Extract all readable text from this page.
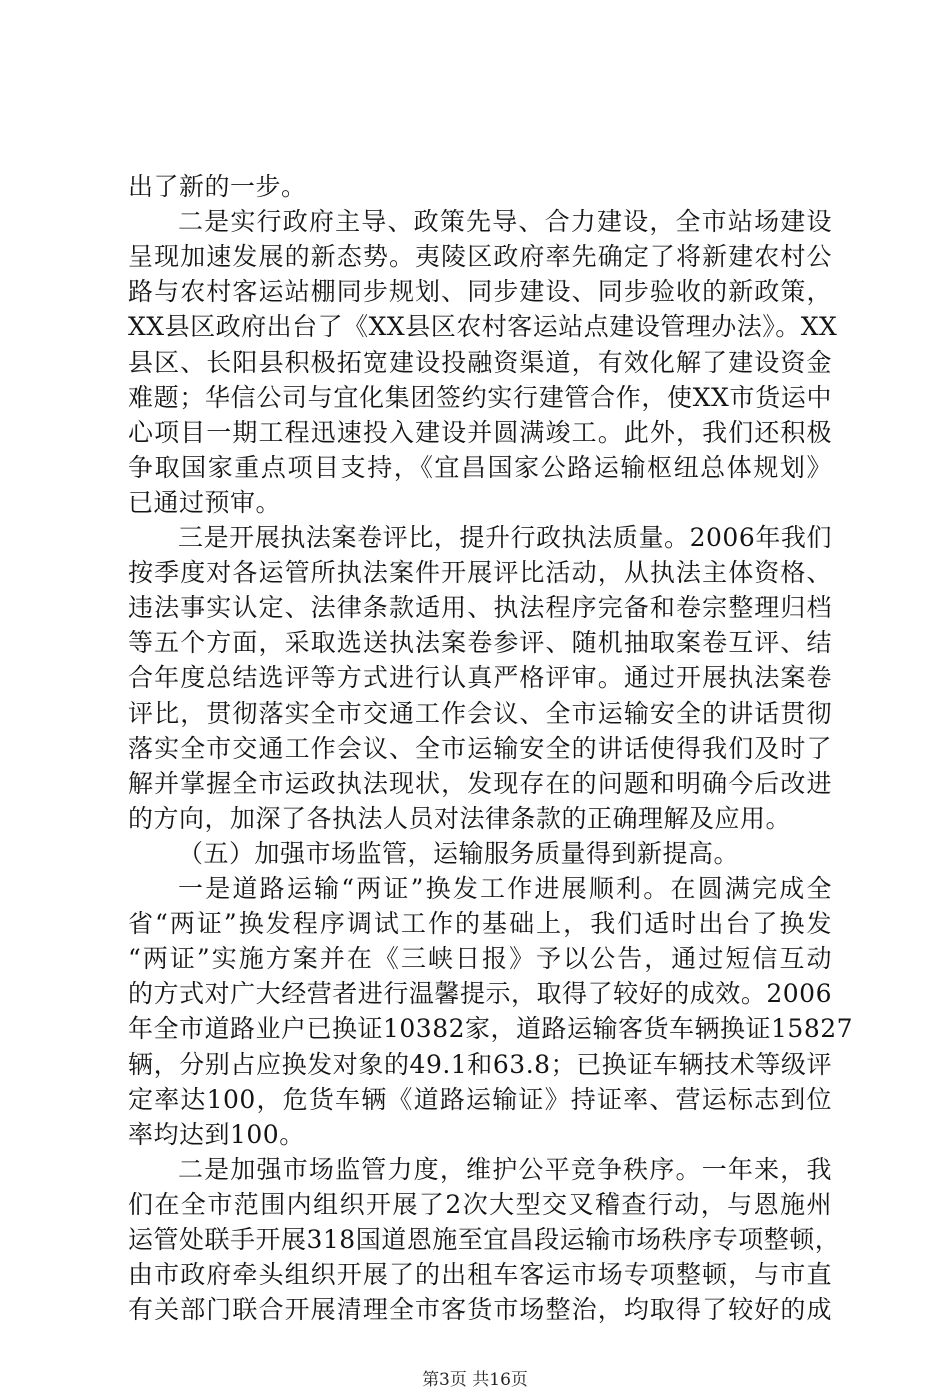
出了新的一步。
二是实行政府主导、政策先导、合力建设，全市站场建设
呈现加速发展的新态势。夷陵区政府率先确定了将新建农村公
路与农村客运站棚同步规划、同步建设、同步验收的新政策，
XX县区政府出台了《XX县区农村客运站点建设管理办法》。XX
县区、长阳县积极拓宽建设投融资渠道，有效化解了建设资金
难题；华信公司与宜化集团签约实行建管合作，使XX市货运中
心项目一期工程迅速投入建设并圆满竣工。此外，我们还积极
争取国家重点项目支持，《宜昌国家公路运输枢纽总体规划》
已通过预审。
三是开展执法案卷评比，提升行政执法质量。2006年我们
按季度对各运管所执法案件开展评比活动，从执法主体资格、
违法事实认定、法律条款适用、执法程序完备和卷宗整理归档
等五个方面，采取选送执法案卷参评、随机抽取案卷互评、结
合年度总结选评等方式进行认真严格评审。通过开展执法案卷
评比，贯彻落实全市交通工作会议、全市运输安全的讲话贯彻
落实全市交通工作会议、全市运输安全的讲话使得我们及时了
解并掌握全市运政执法现状，发现存在的问题和明确今后改进
的方向，加深了各执法人员对法律条款的正确理解及应用。
（五）加强市场监管，运输服务质量得到新提高。
一是道路运输“两证”换发工作进展顺利。在圆满完成全
省“两证”换发程序调试工作的基础上，我们适时出台了换发
“两证”实施方案并在《三峡日报》予以公告，通过短信互动
的方式对广大经营者进行温馨提示，取得了较好的成效。2006
年全市道路业户已换证10382家，道路运输客货车辆换证15827
辆，分别占应换发对象的49.1和63.8；已换证车辆技术等级评
定率达100，危货车辆《道路运输证》持证率、营运标志到位
率均达到100。
二是加强市场监管力度，维护公平竞争秩序。一年来，我
们在全市范围内组织开展了2次大型交叉稽查行动，与恩施州
运管处联手开展318国道恩施至宜昌段运输市场秩序专项整顿，
由市政府牵头组织开展了的出租车客运市场专项整顿，与市直
第3页 共16页
有关部门联合开展清理全市客货市场整治，均取得了较好的成
